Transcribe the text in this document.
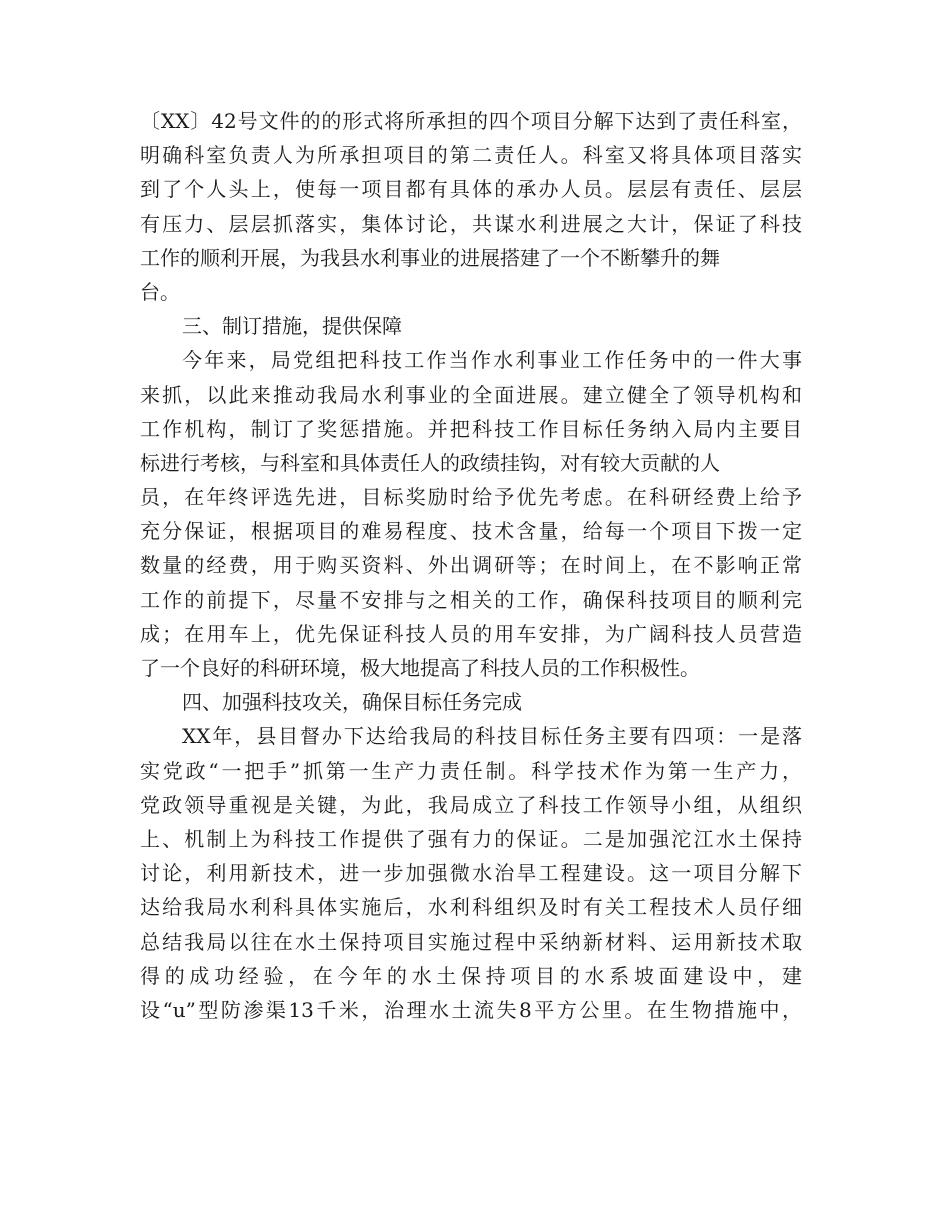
〔XX〕42号文件的的形式将所承担的四个项目分解下达到了责任科室，
明确科室负责人为所承担项目的第二责任人。科室又将具体项目落实
到了个人头上，使每一项目都有具体的承办人员。层层有责任、层层
有压力、层层抓落实，集体讨论，共谋水利进展之大计，保证了科技
工作的顺利开展，为我县水利事业的进展搭建了一个不断攀升的舞
台。
三、制订措施，提供保障
今年来，局党组把科技工作当作水利事业工作任务中的一件大事
来抓，以此来推动我局水利事业的全面进展。建立健全了领导机构和
工作机构，制订了奖惩措施。并把科技工作目标任务纳入局内主要目
标进行考核，与科室和具体责任人的政绩挂钩，对有较大贡献的人
员，在年终评选先进，目标奖励时给予优先考虑。在科研经费上给予
充分保证，根据项目的难易程度、技术含量，给每一个项目下拨一定
数量的经费，用于购买资料、外出调研等；在时间上，在不影响正常
工作的前提下，尽量不安排与之相关的工作，确保科技项目的顺利完
成；在用车上，优先保证科技人员的用车安排，为广阔科技人员营造
了一个良好的科研环境，极大地提高了科技人员的工作积极性。
四、加强科技攻关，确保目标任务完成
XX年，县目督办下达给我局的科技目标任务主要有四项：一是落
实党政“一把手”抓第一生产力责任制。科学技术作为第一生产力，
党政领导重视是关键，为此，我局成立了科技工作领导小组，从组织
上、机制上为科技工作提供了强有力的保证。二是加强沱江水土保持
讨论，利用新技术，进一步加强微水治旱工程建设。这一项目分解下
达给我局水利科具体实施后，水利科组织及时有关工程技术人员仔细
总结我局以往在水土保持项目实施过程中采纳新材料、运用新技术取
得的成功经验，在今年的水土保持项目的水系坡面建设中，建
设“u”型防渗渠13千米，治理水土流失8平方公里。在生物措施中，
